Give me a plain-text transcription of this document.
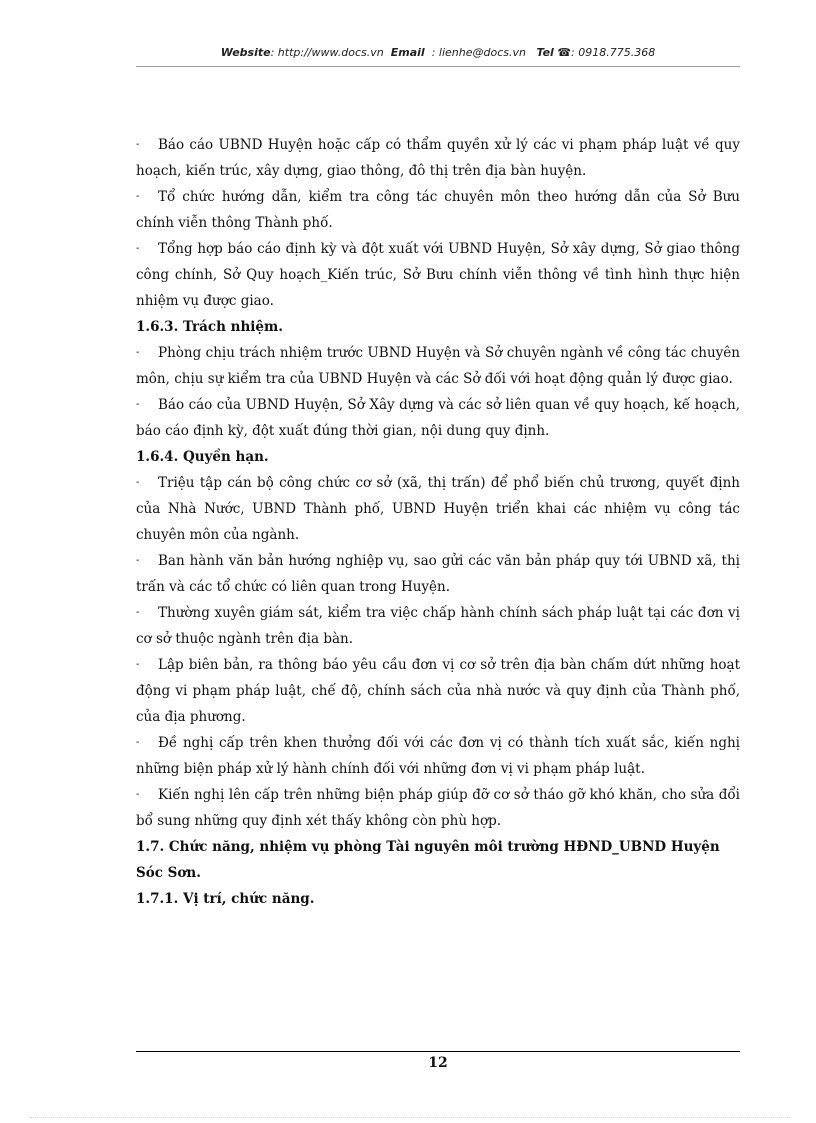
Website: http://www.docs.vn Email : lienhe@docs.vn Tel ☎: 0918.775.368

- Báo cáo UBND Huyện hoặc cấp có thẩm quyền xử lý các vi phạm pháp luật về quy hoạch, kiến trúc, xây dựng, giao thông, đô thị trên địa bàn huyện.

- Tổ chức hướng dẫn, kiểm tra công tác chuyên môn theo hướng dẫn của Sở Bưu chính viễn thông Thành phố.

- Tổng hợp báo cáo định kỳ và đột xuất với UBND Huyện, Sở xây dựng, Sở giao thông công chính, Sở Quy hoạch_Kiến trúc, Sở Bưu chính viễn thông về tình hình thực hiện nhiệm vụ được giao.

1.6.3. Trách nhiệm.

- Phòng chịu trách nhiệm trước UBND Huyện và Sở chuyên ngành về công tác chuyên môn, chịu sự kiểm tra của UBND Huyện và các Sở đối với hoạt động quản lý được giao.

- Báo cáo của UBND Huyện, Sở Xây dựng và các sở liên quan về quy hoạch, kế hoạch, báo cáo định kỳ, đột xuất đúng thời gian, nội dung quy định.

1.6.4. Quyền hạn.

- Triệu tập cán bộ công chức cơ sở (xã, thị trấn) để phổ biến chủ trương, quyết định của Nhà Nước, UBND Thành phố, UBND Huyện triển khai các nhiệm vụ công tác chuyên môn của ngành.

- Ban hành văn bản hướng nghiệp vụ, sao gửi các văn bản pháp quy tới UBND xã, thị trấn và các tổ chức có liên quan trong Huyện.

- Thường xuyên giám sát, kiểm tra việc chấp hành chính sách pháp luật tại các đơn vị cơ sở thuộc ngành trên địa bàn.

- Lập biên bản, ra thông báo yêu cầu đơn vị cơ sở trên địa bàn chấm dứt những hoạt động vi phạm pháp luật, chế độ, chính sách của nhà nước và quy định của Thành phố, của địa phương.

- Đề nghị cấp trên khen thưởng đối với các đơn vị có thành tích xuất sắc, kiến nghị những biện pháp xử lý hành chính đối với những đơn vị vi phạm pháp luật.

- Kiến nghị lên cấp trên những biện pháp giúp đỡ cơ sở tháo gỡ khó khăn, cho sửa đổi bổ sung những quy định xét thấy không còn phù hợp.

1.7. Chức năng, nhiệm vụ phòng Tài nguyên môi trường HĐND_UBND Huyện Sóc Sơn.

1.7.1. Vị trí, chức năng.

12
